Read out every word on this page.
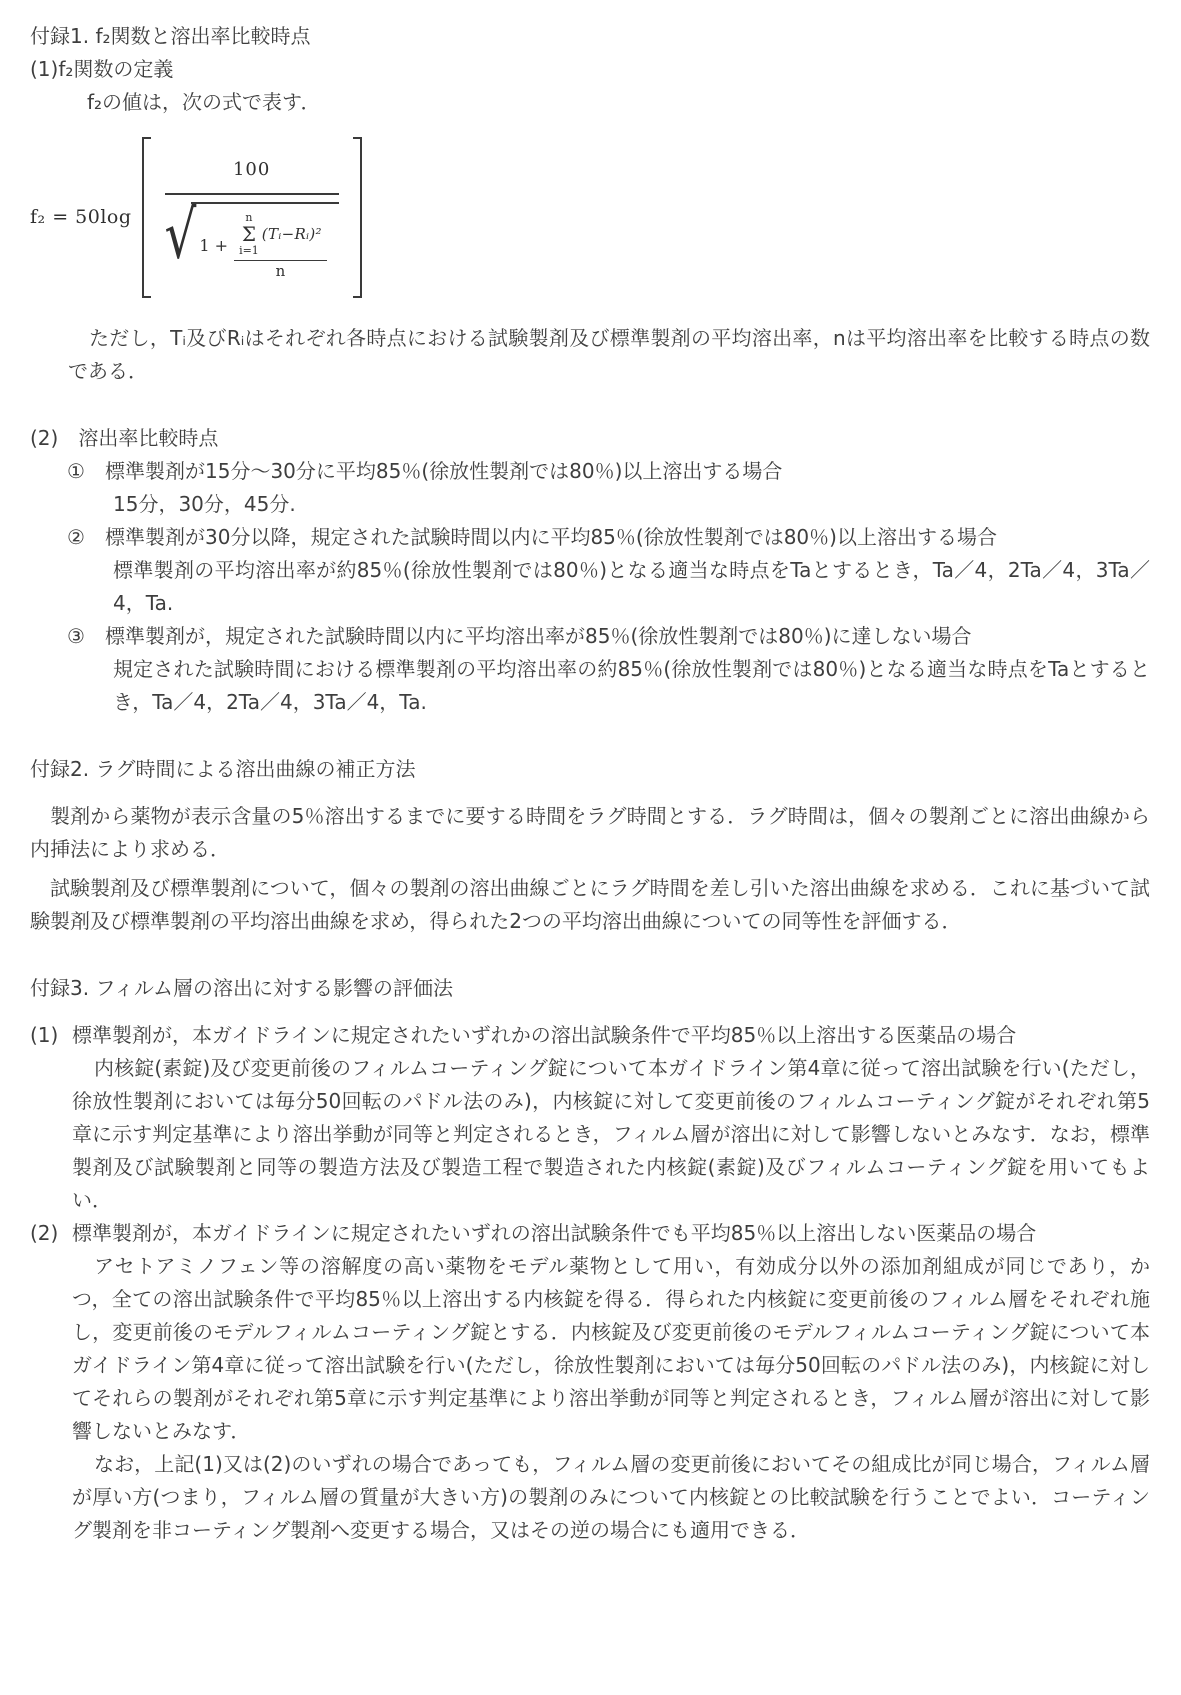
付録1. f₂関数と溶出率比較時点

(1)f₂関数の定義

f₂の値は，次の式で表す．

f₂ = 50log
100
√ 1 +
n
Σ
i=1
(Tᵢ−Rᵢ)²
n

ただし，Tᵢ及びRᵢはそれぞれ各時点における試験製剤及び標準製剤の平均溶出率，nは平均溶出率を比較する時点の数である．

(2)　溶出率比較時点

①	標準製剤が15分～30分に平均85％(徐放性製剤では80％)以上溶出する場合

15分，30分，45分.

②	標準製剤が30分以降，規定された試験時間以内に平均85％(徐放性製剤では80％)以上溶出する場合

標準製剤の平均溶出率が約85％(徐放性製剤では80％)となる適当な時点をTaとするとき，Ta／4，2Ta／4，3Ta／4，Ta.

③	標準製剤が，規定された試験時間以内に平均溶出率が85％(徐放性製剤では80％)に達しない場合

規定された試験時間における標準製剤の平均溶出率の約85％(徐放性製剤では80％)となる適当な時点をTaとするとき，Ta／4，2Ta／4，3Ta／4，Ta.

付録2. ラグ時間による溶出曲線の補正方法

製剤から薬物が表示含量の5％溶出するまでに要する時間をラグ時間とする．ラグ時間は，個々の製剤ごとに溶出曲線から内挿法により求める．

試験製剤及び標準製剤について，個々の製剤の溶出曲線ごとにラグ時間を差し引いた溶出曲線を求める．これに基づいて試験製剤及び標準製剤の平均溶出曲線を求め，得られた2つの平均溶出曲線についての同等性を評価する．

付録3. フィルム層の溶出に対する影響の評価法

(1) 標準製剤が，本ガイドラインに規定されたいずれかの溶出試験条件で平均85％以上溶出する医薬品の場合

内核錠(素錠)及び変更前後のフィルムコーティング錠について本ガイドライン第4章に従って溶出試験を行い(ただし，徐放性製剤においては毎分50回転のパドル法のみ)，内核錠に対して変更前後のフィルムコーティング錠がそれぞれ第5章に示す判定基準により溶出挙動が同等と判定されるとき，フィルム層が溶出に対して影響しないとみなす．なお，標準製剤及び試験製剤と同等の製造方法及び製造工程で製造された内核錠(素錠)及びフィルムコーティング錠を用いてもよい．

(2) 標準製剤が，本ガイドラインに規定されたいずれの溶出試験条件でも平均85％以上溶出しない医薬品の場合

アセトアミノフェン等の溶解度の高い薬物をモデル薬物として用い，有効成分以外の添加剤組成が同じであり，かつ，全ての溶出試験条件で平均85％以上溶出する内核錠を得る．得られた内核錠に変更前後のフィルム層をそれぞれ施し，変更前後のモデルフィルムコーティング錠とする．内核錠及び変更前後のモデルフィルムコーティング錠について本ガイドライン第4章に従って溶出試験を行い(ただし，徐放性製剤においては毎分50回転のパドル法のみ)，内核錠に対してそれらの製剤がそれぞれ第5章に示す判定基準により溶出挙動が同等と判定されるとき，フィルム層が溶出に対して影響しないとみなす．

なお，上記(1)又は(2)のいずれの場合であっても，フィルム層の変更前後においてその組成比が同じ場合，フィルム層が厚い方(つまり，フィルム層の質量が大きい方)の製剤のみについて内核錠との比較試験を行うことでよい．コーティング製剤を非コーティング製剤へ変更する場合，又はその逆の場合にも適用できる．
